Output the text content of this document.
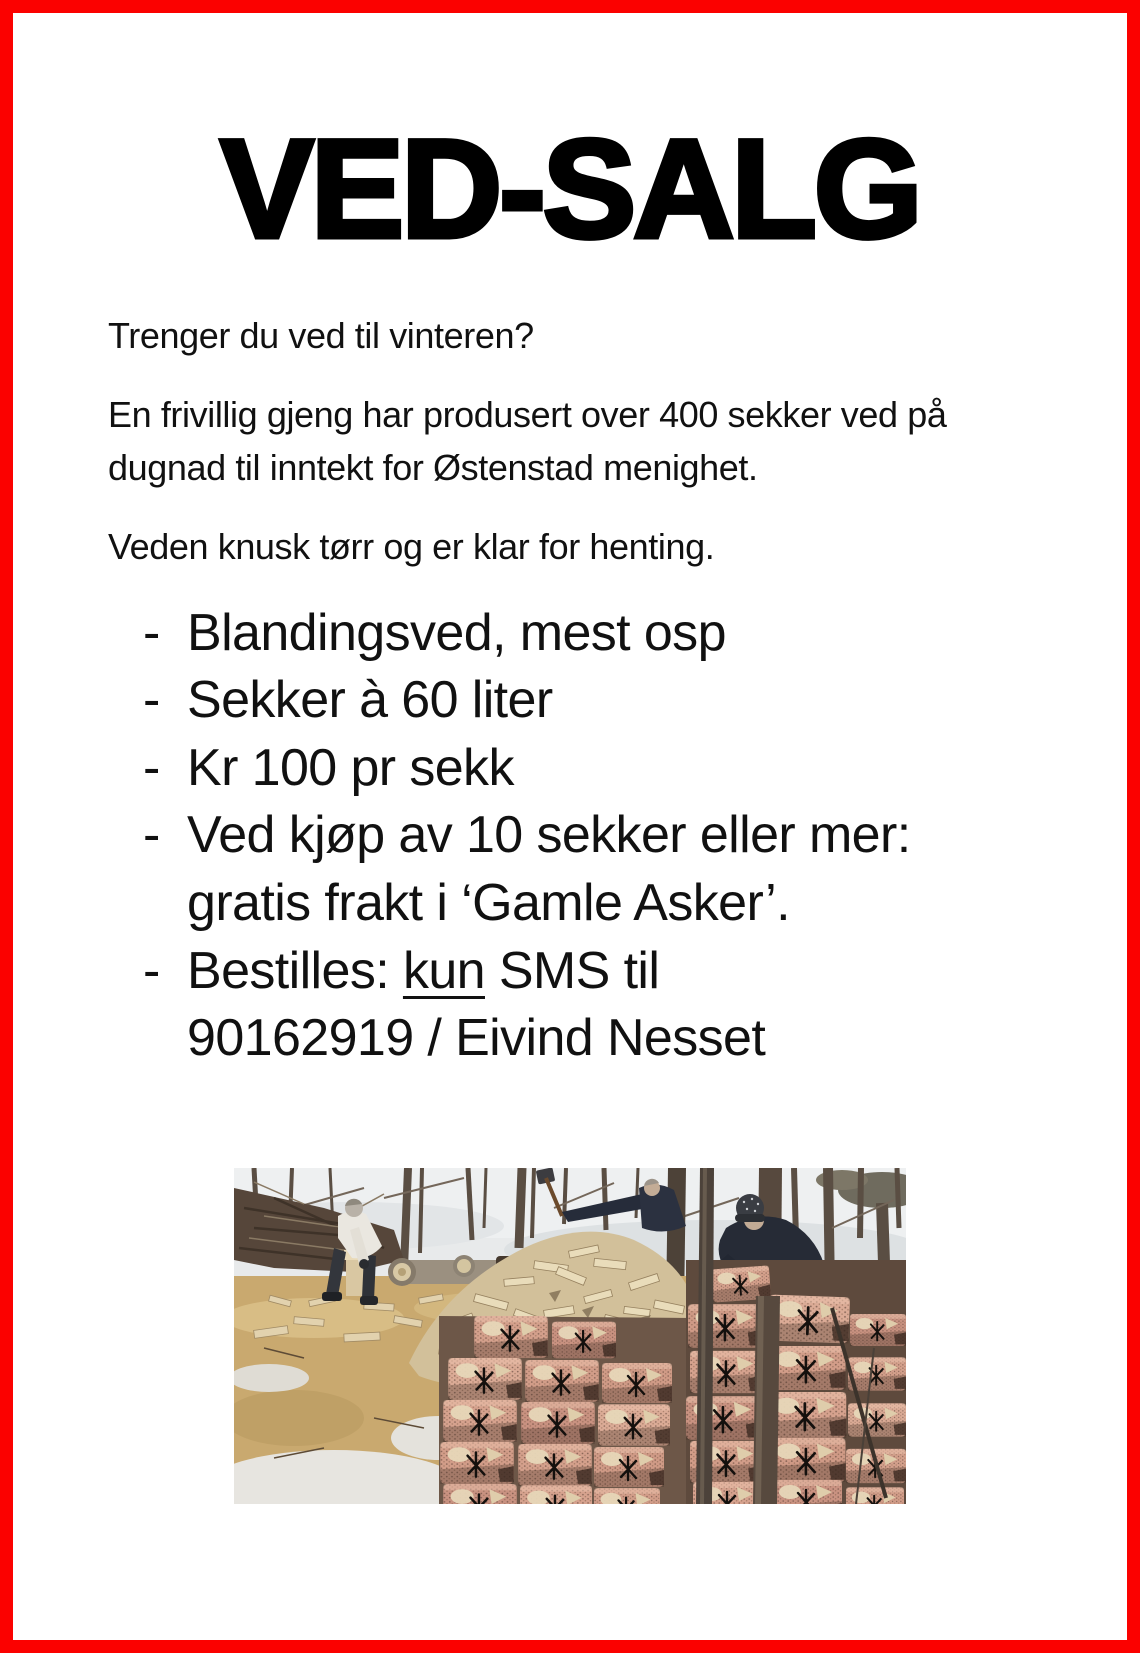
VED-SALG

Trenger du ved til vinteren?

En frivillig gjeng har produsert over 400 sekker ved på dugnad til inntekt for Østenstad menighet.

Veden knusk tørr og er klar for henting.

- Blandingsved, mest osp
- Sekker à 60 liter
- Kr 100 pr sekk
- Ved kjøp av 10 sekker eller mer:
gratis frakt i ‘Gamle Asker’.
- Bestilles: kun SMS til
90162919 / Eivind Nesset
